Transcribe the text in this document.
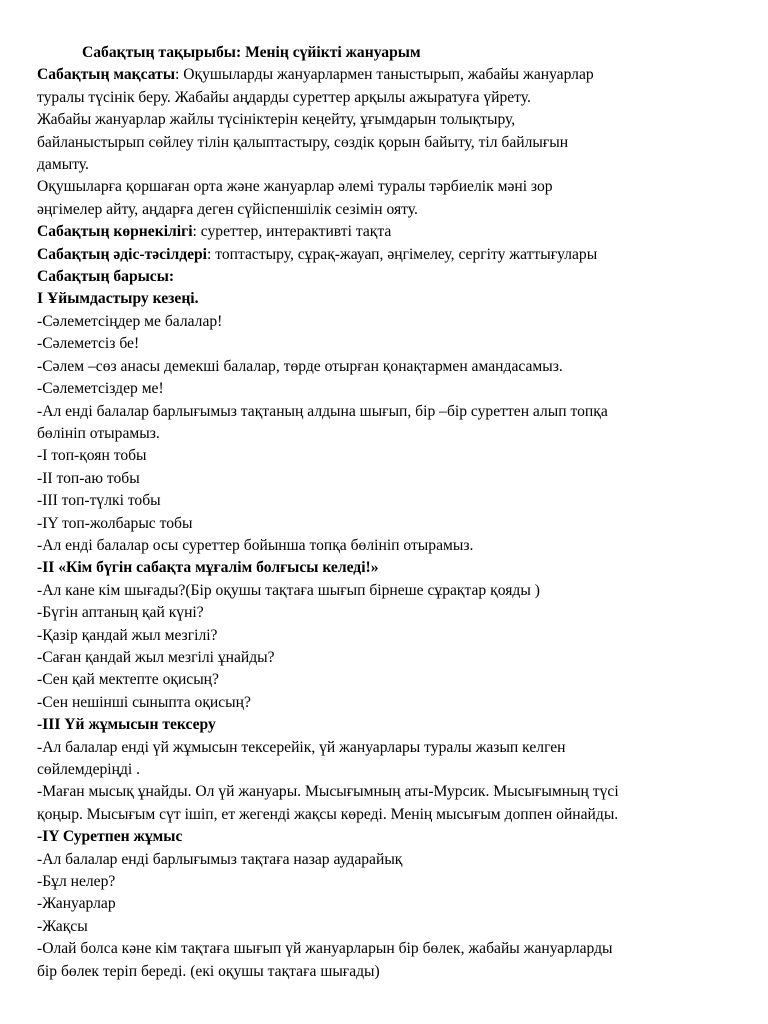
Сабақтың тақырыбы: Менің сүйікті жануарым

Сабақтың мақсаты: Оқушыларды жануарлармен таныстырып, жабайы жануарлар

туралы түсінік беру. Жабайы аңдарды суреттер арқылы ажыратуға үйрету.

Жабайы жануарлар жайлы түсініктерін кеңейту, ұғымдарын толықтыру,

байланыстырып сөйлеу тілін қалыптастыру, сөздік қорын байыту, тіл байлығын

дамыту.

Оқушыларға қоршаған орта және жануарлар әлемі туралы тәрбиелік мәні зор

әңгімелер айту, аңдарға деген сүйіспеншілік сезімін ояту.

Сабақтың көрнекілігі: суреттер, интерактивті тақта

Сабақтың әдіс-тәсілдері: топтастыру, сұрақ-жауап, әңгімелеу, сергіту жаттығулары

Сабақтың барысы:

I Ұйымдастыру кезеңі.

-Сәлеметсіңдер ме балалар!

-Сәлеметсіз бе!

-Сәлем –сөз анасы демекші балалар, төрде отырған қонақтармен амандасамыз.

-Сәлеметсіздер ме!

-Ал енді балалар барлығымыз тақтаның алдына шығып, бір –бір суреттен алып топқа

бөлініп отырамыз.

-I топ-қоян тобы

-II топ-аю тобы

-III топ-түлкі тобы

-IY топ-жолбарыс тобы

-Ал енді балалар осы суреттер бойынша топқа бөлініп отырамыз.

-II «Кім бүгін сабақта мұғалім болғысы келеді!»

-Ал кане кім шығады?(Бір оқушы тақтаға шығып бірнеше сұрақтар қояды )

-Бүгін аптаның қай күні?

-Қазір қандай жыл мезгілі?

-Саған қандай жыл мезгілі ұнайды?

-Сен қай мектепте оқисың?

-Сен нешінші сыныпта оқисың?

-III Үй жұмысын тексеру

-Ал балалар енді үй жұмысын тексерейік, үй жануарлары туралы жазып келген

сөйлемдеріңді .

-Маған мысық ұнайды. Ол үй жануары. Мысығымның аты-Мурсик. Мысығымның түсі

қоңыр. Мысығым сүт ішіп, ет жегенді жақсы көреді. Менің мысығым доппен ойнайды.

-IY Суретпен жұмыс

-Ал балалар енді барлығымыз тақтаға назар аударайық

-Бұл нелер?

-Жануарлар

-Жақсы

-Олай болса кәне кім тақтаға шығып үй жануарларын бір бөлек, жабайы жануарларды

бір бөлек теріп береді. (екі оқушы тақтаға шығады)
